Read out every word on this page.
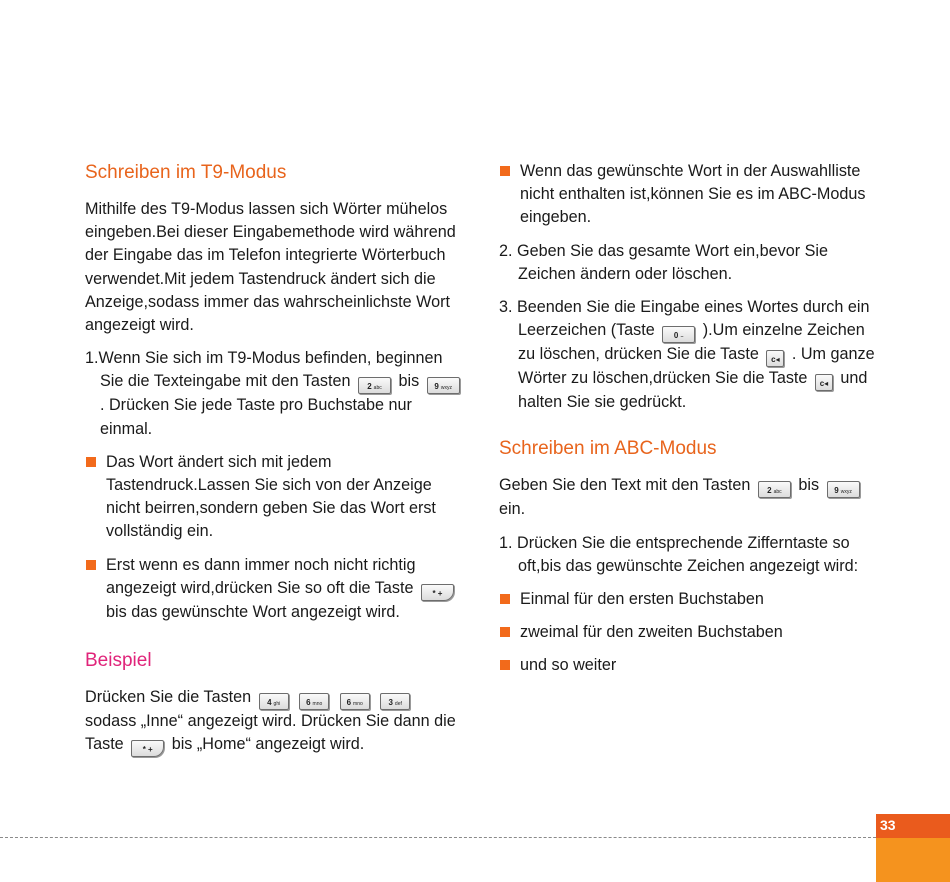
Schreiben im T9-Modus

Mithilfe des T9-Modus lassen sich Wörter mühelos eingeben.Bei dieser Eingabemethode wird während der Eingabe das im Telefon integrierte Wörterbuch verwendet.Mit jedem Tastendruck ändert sich die Anzeige,sodass immer das wahrscheinlichste Wort angezeigt wird.

1.Wenn Sie sich im T9-Modus befinden, beginnen Sie die Texteingabe mit den Tasten 2 abc bis 9 wxyz . Drücken Sie jede Taste pro Buchstabe nur einmal.

Das Wort ändert sich mit jedem Tastendruck.Lassen Sie sich von der Anzeige nicht beirren,sondern geben Sie das Wort erst vollständig ein.

Erst wenn es dann immer noch nicht richtig angezeigt wird,drücken Sie so oft die Taste * + bis das gewünschte Wort angezeigt wird.

Beispiel

Drücken Sie die Tasten 4 ghi	6 mno	6 mno	3 def sodass „Inne“ angezeigt wird. Drücken Sie dann die Taste * + bis „Home“ angezeigt wird.

Wenn das gewünschte Wort in der Auswahlliste nicht enthalten ist,können Sie es im ABC-Modus eingeben.

2. Geben Sie das gesamte Wort ein,bevor Sie Zeichen ändern oder löschen.

3. Beenden Sie die Eingabe eines Wortes durch ein Leerzeichen (Taste 0 ⌣ ).Um einzelne Zeichen zu löschen, drücken Sie die Taste c◂ . Um ganze Wörter zu löschen,drücken Sie die Taste c◂ und halten Sie sie gedrückt.

Schreiben im ABC-Modus

Geben Sie den Text mit den Tasten 2 abc bis 9 wxyz ein.

1. Drücken Sie die entsprechende Zifferntaste so oft,bis das gewünschte Zeichen angezeigt wird:

Einmal für den ersten Buchstaben

zweimal für den zweiten Buchstaben

und so weiter

33
